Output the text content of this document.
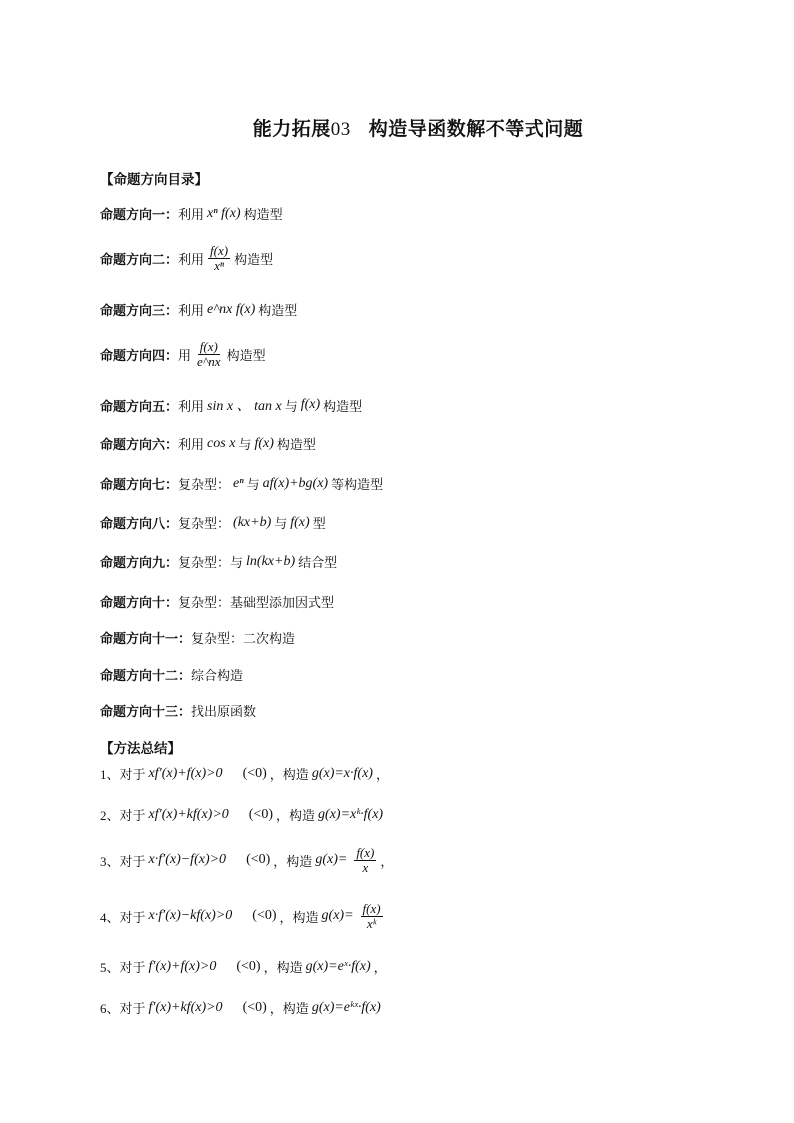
能力拓展03 构造导函数解不等式问题
【命题方向目录】
命题方向一： 利用 xⁿ f(x) 构造型
命题方向二： 利用 $\frac{f(x)}{\text{xⁿ}}$ 构造型
命题方向三： 利用 e^nx f(x) 构造型
命题方向四： 用 $\frac{f(x)}{e\^{}nx}$ 构造型
命题方向五： 利用 sin x 、 tan x 与 f(x) 构造型
命题方向六： 利用 cos x 与 f(x) 构造型
命题方向七： 复杂型： eⁿ 与 af(x)+bg(x) 等构造型
命题方向八： 复杂型： (kx+b) 与 f(x) 型
命题方向九： 复杂型：与 ln(kx+b) 结合型
命题方向十： 复杂型：基础型添加因式型
命题方向十一： 复杂型：二次构造
命题方向十二： 综合构造
命题方向十三： 找出原函数
【方法总结】
1、 对于 xf′(x)+f(x)>0 (<0) ，构造 g(x)=x·f(x) ，
2、 对于 xf′(x)+kf(x)>0 (<0) ，构造 g(x)=xᵏ·f(x)
3、 对于 x·f′(x)−f(x)>0 (<0) ，构造 $g(x)= \frac{f(x)}{x}$ ，
4、 对于 x·f′(x)−kf(x)>0 (<0) ，构造 $g(x)= \frac{f(x)}{\text{xᵏ}}$
5、 对于 f′(x)+f(x)>0 (<0) ，构造 g(x)=eˣ·f(x) ，
6、 对于 f′(x)+kf(x)>0 (<0) ，构造 g(x)=eᵏˣ·f(x)
